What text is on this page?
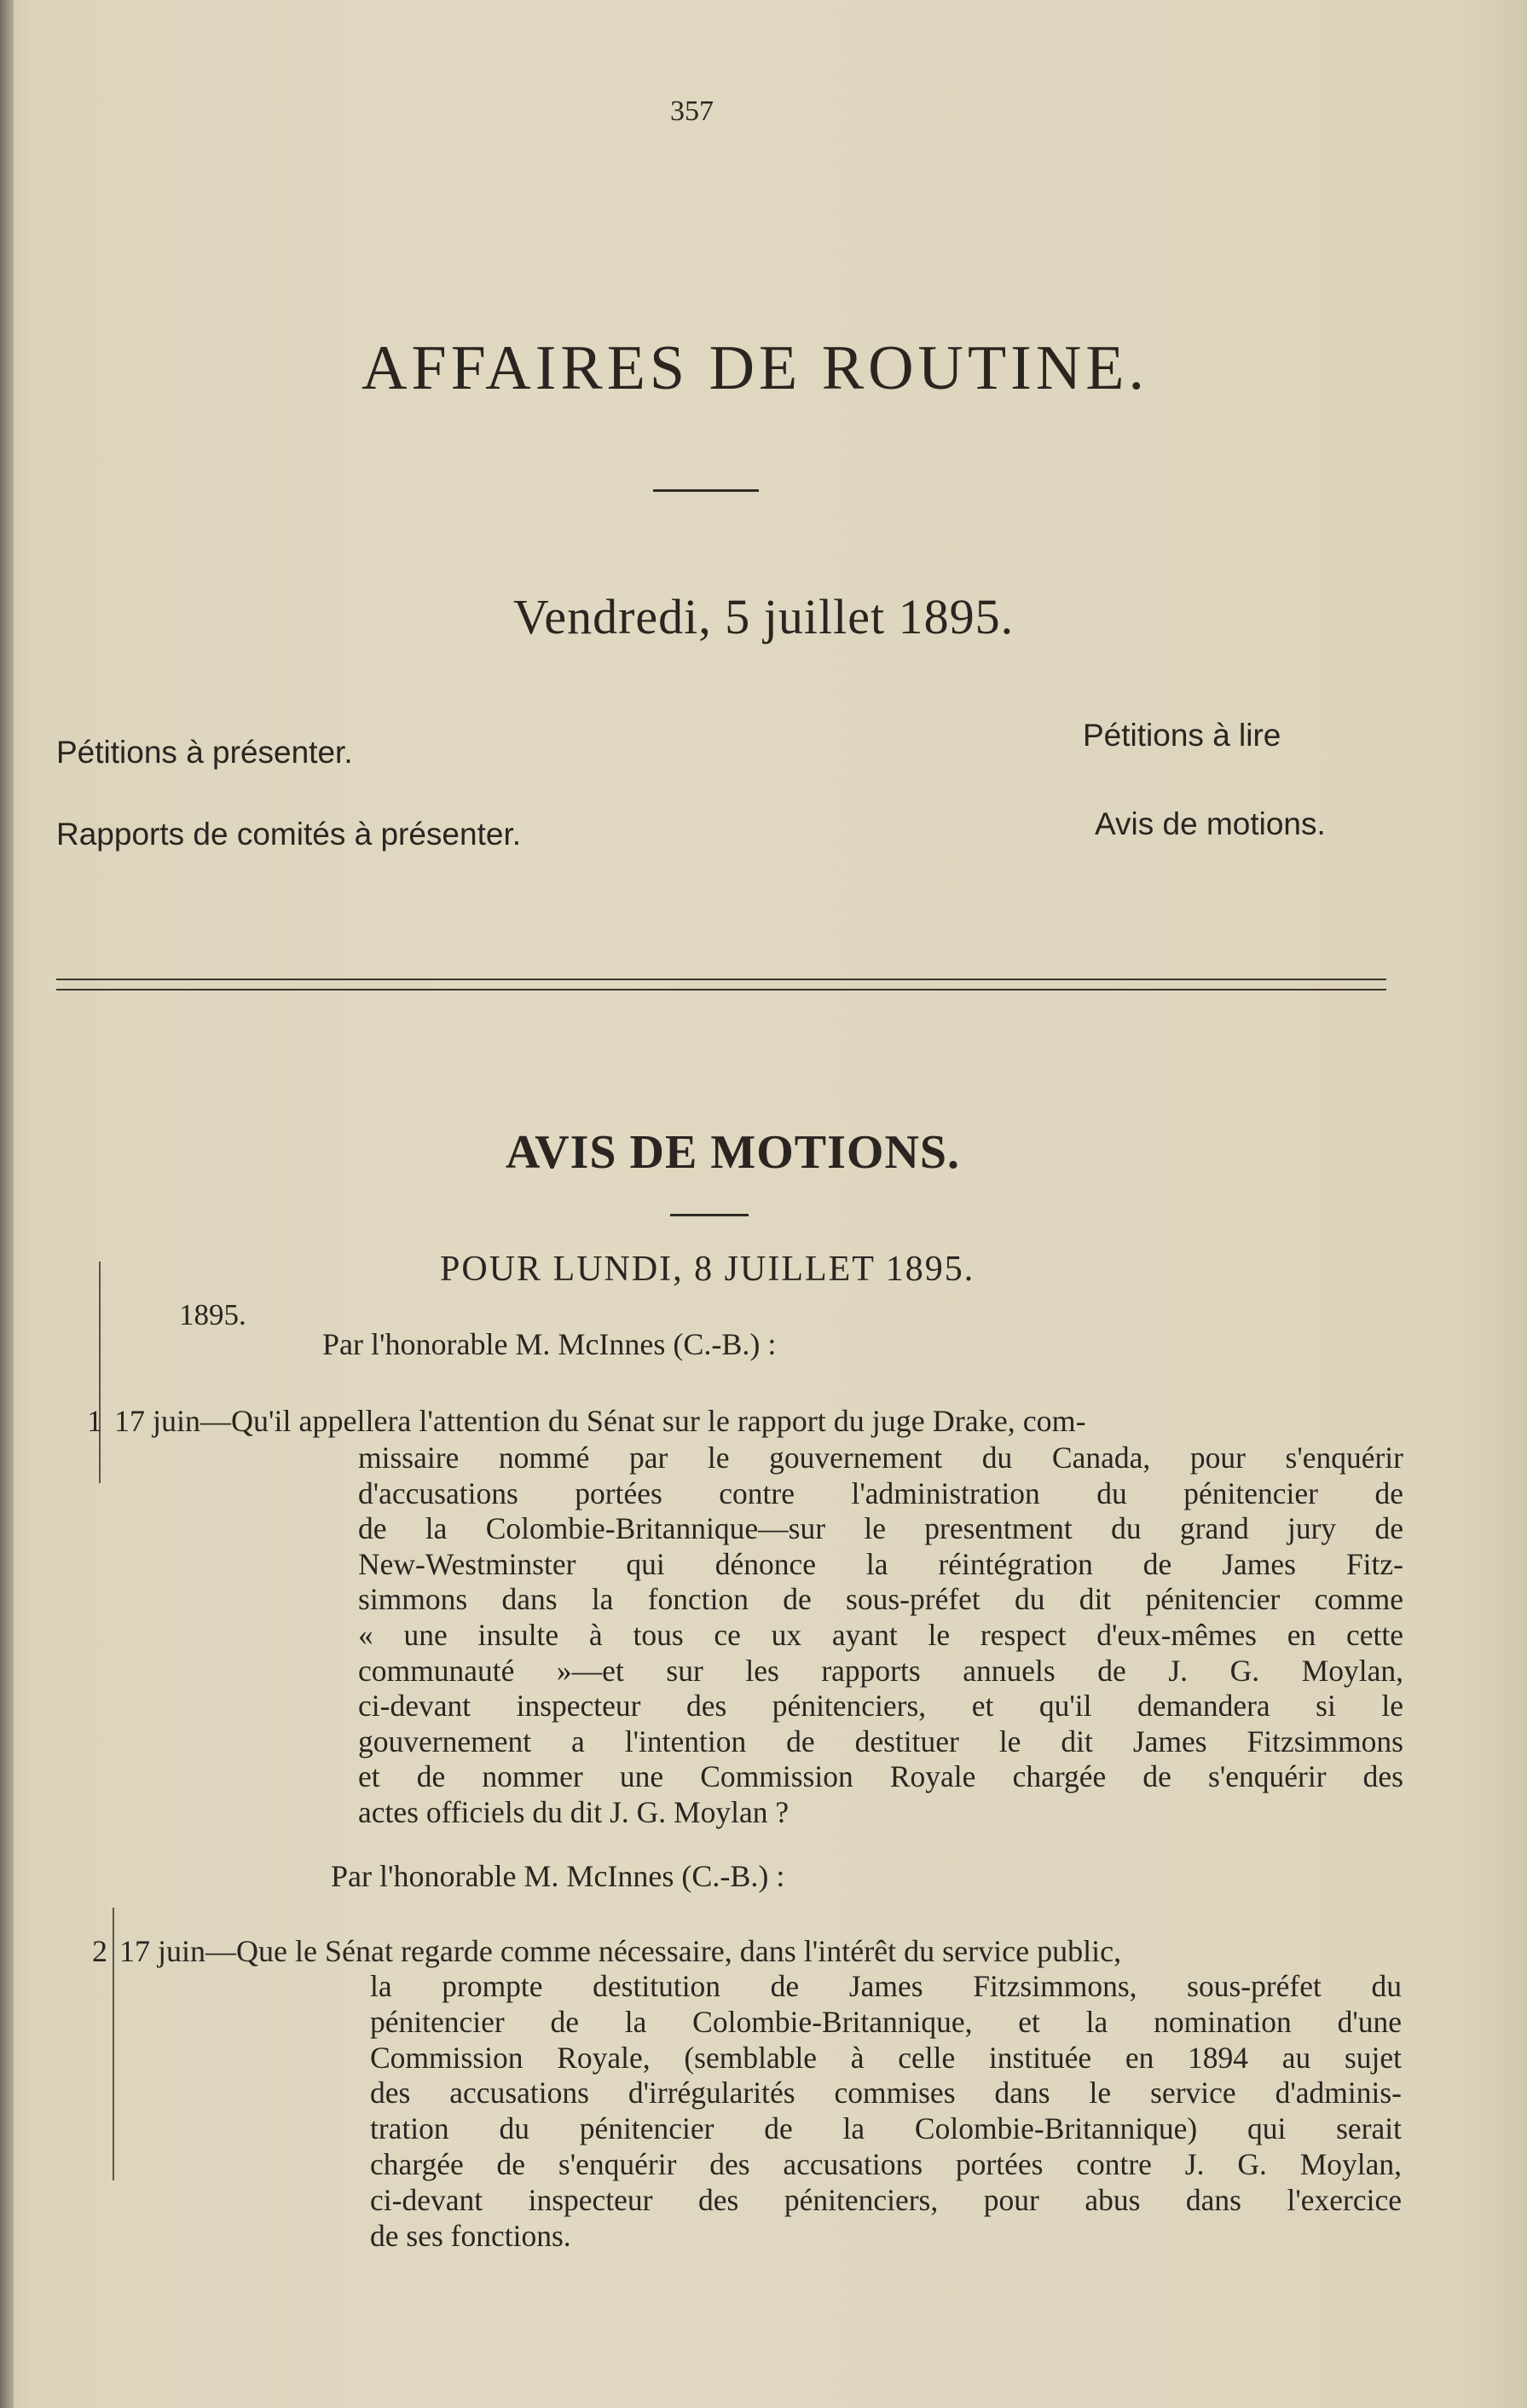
357
AFFAIRES DE ROUTINE.
Vendredi, 5 juillet 1895.
Pétitions à présenter.
Rapports de comités à présenter.
Pétitions à lire
Avis de motions.
AVIS DE MOTIONS.
POUR LUNDI, 8 JUILLET 1895.
1895.
Par l'honorable M. McInnes (C.-B.) :
1 17 juin—Qu'il appellera l'attention du Sénat sur le rapport du juge Drake, com-
missaire nommé par le gouvernement du Canada, pour s'enquérir
d'accusations portées contre l'administration du pénitencier de
de la Colombie-Britannique—sur le presentment du grand jury de
New-Westminster qui dénonce la réintégration de James Fitz-
simmons dans la fonction de sous-préfet du dit pénitencier comme
« une insulte à tous ce ux ayant le respect d'eux-mêmes en cette
communauté »—et sur les rapports annuels de J. G. Moylan,
ci-devant inspecteur des pénitenciers, et qu'il demandera si le
gouvernement a l'intention de destituer le dit James Fitzsimmons
et de nommer une Commission Royale chargée de s'enquérir des
actes officiels du dit J. G. Moylan ?
Par l'honorable M. McInnes (C.-B.) :
2 17 juin—Que le Sénat regarde comme nécessaire, dans l'intérêt du service public,
la prompte destitution de James Fitzsimmons, sous-préfet du
pénitencier de la Colombie-Britannique, et la nomination d'une
Commission Royale, (semblable à celle instituée en 1894 au sujet
des accusations d'irrégularités commises dans le service d'adminis-
tration du pénitencier de la Colombie-Britannique) qui serait
chargée de s'enquérir des accusations portées contre J. G. Moylan,
ci-devant inspecteur des pénitenciers, pour abus dans l'exercice
de ses fonctions.
